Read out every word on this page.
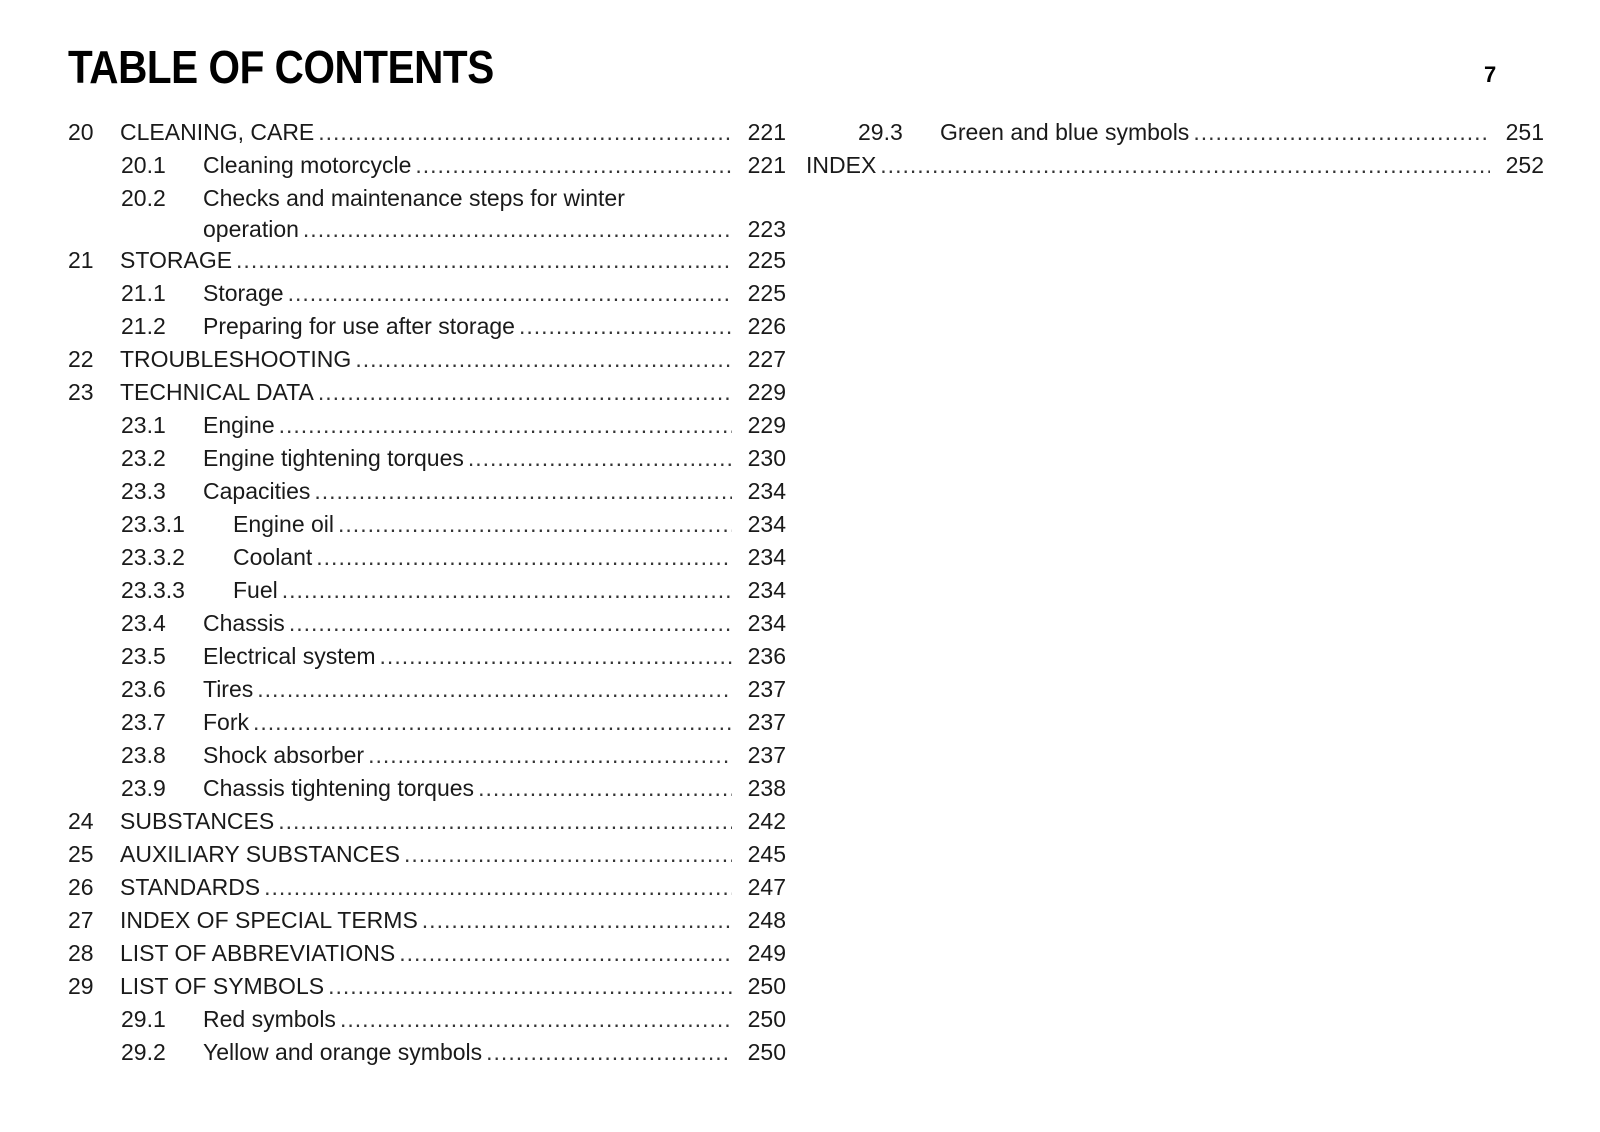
TABLE OF CONTENTS	7
20	CLEANING, CARE .....	221
20.1	Cleaning motorcycle .....	221
20.2 Checks and maintenance steps for winter
operation .....	223
21	STORAGE .....	225
21.1	Storage .....	225
21.2	Preparing for use after storage .....	226
22	TROUBLESHOOTING .....	227
23	TECHNICAL DATA .....	229
23.1	Engine .....	229
23.2	Engine tightening torques .....	230
23.3	Capacities .....	234
23.3.1	Engine oil .....	234
23.3.2	Coolant .....	234
23.3.3	Fuel .....	234
23.4	Chassis .....	234
23.5	Electrical system .....	236
23.6	Tires .....	237
23.7	Fork .....	237
23.8	Shock absorber .....	237
23.9	Chassis tightening torques .....	238
24	SUBSTANCES .....	242
25	AUXILIARY SUBSTANCES .....	245
26	STANDARDS .....	247
27	INDEX OF SPECIAL TERMS .....	248
28	LIST OF ABBREVIATIONS .....	249
29	LIST OF SYMBOLS .....	250
29.1	Red symbols .....	250
29.2	Yellow and orange symbols .....	250
29.3	Green and blue symbols .....	251
INDEX .....	252
